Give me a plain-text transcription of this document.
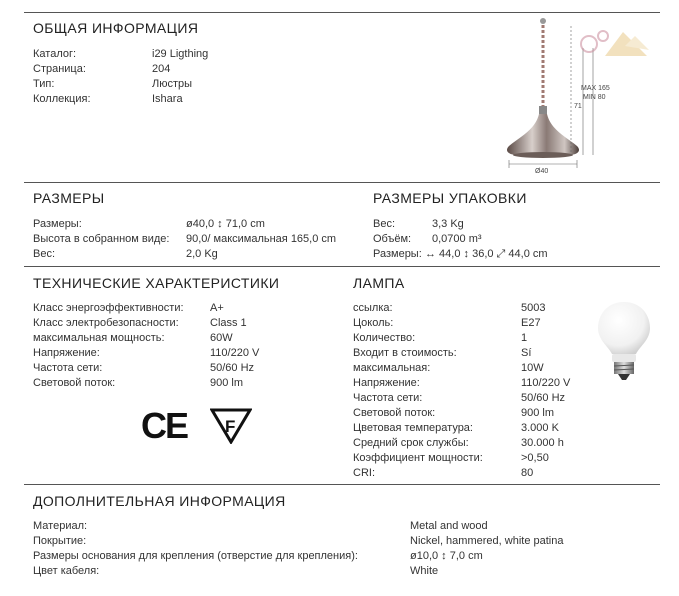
ОБЩАЯ ИНФОРМАЦИЯ
Каталог:	i29 Ligthing
Страница:	204
Тип:	Люстры
Коллекция:	Ishara
Ø40
71
MAX 165
MIN 80
РАЗМЕРЫ
Размеры:	ø40,0 ↕ 71,0 cm
Высота в собранном виде: 90,0/ максимальная 165,0 cm
Вес:	2,0 Kg
РАЗМЕРЫ УПАКОВКИ
Вес:	3,3 Kg
Объём: 0,0700 m³
Размеры: ↔ 44,0 ↕ 36,0 ⤢ 44,0 cm
ТЕХНИЧЕСКИЕ ХАРАКТЕРИСТИКИ
Класс энергоэффективности: A+
Класс электробезопасности:	Class 1
максимальная мощность:	60W
Напряжение:	110/220 V
Частота сети:	50/60 Hz
Световой поток:	900 lm
CE F
ЛАМПА
ссылка:	5003
Цоколь:	E27
Количество:	1
Входит в стоимость:	Sí
максимальная:	10W
Напряжение:	110/220 V
Частота сети:	50/60 Hz
Световой поток:	900 lm
Цветовая температура:	3.000 K
Средний срок службы:	30.000 h
Коэффициент мощности:	>0,50
CRI:	80
ДОПОЛНИТЕЛЬНАЯ ИНФОРМАЦИЯ
Материал:	Metal and wood
Покрытие:	Nickel, hammered, white patina
Размеры основания для крепления (отверстие для крепления):	ø10,0 ↕ 7,0 cm
Цвет кабеля:	White
